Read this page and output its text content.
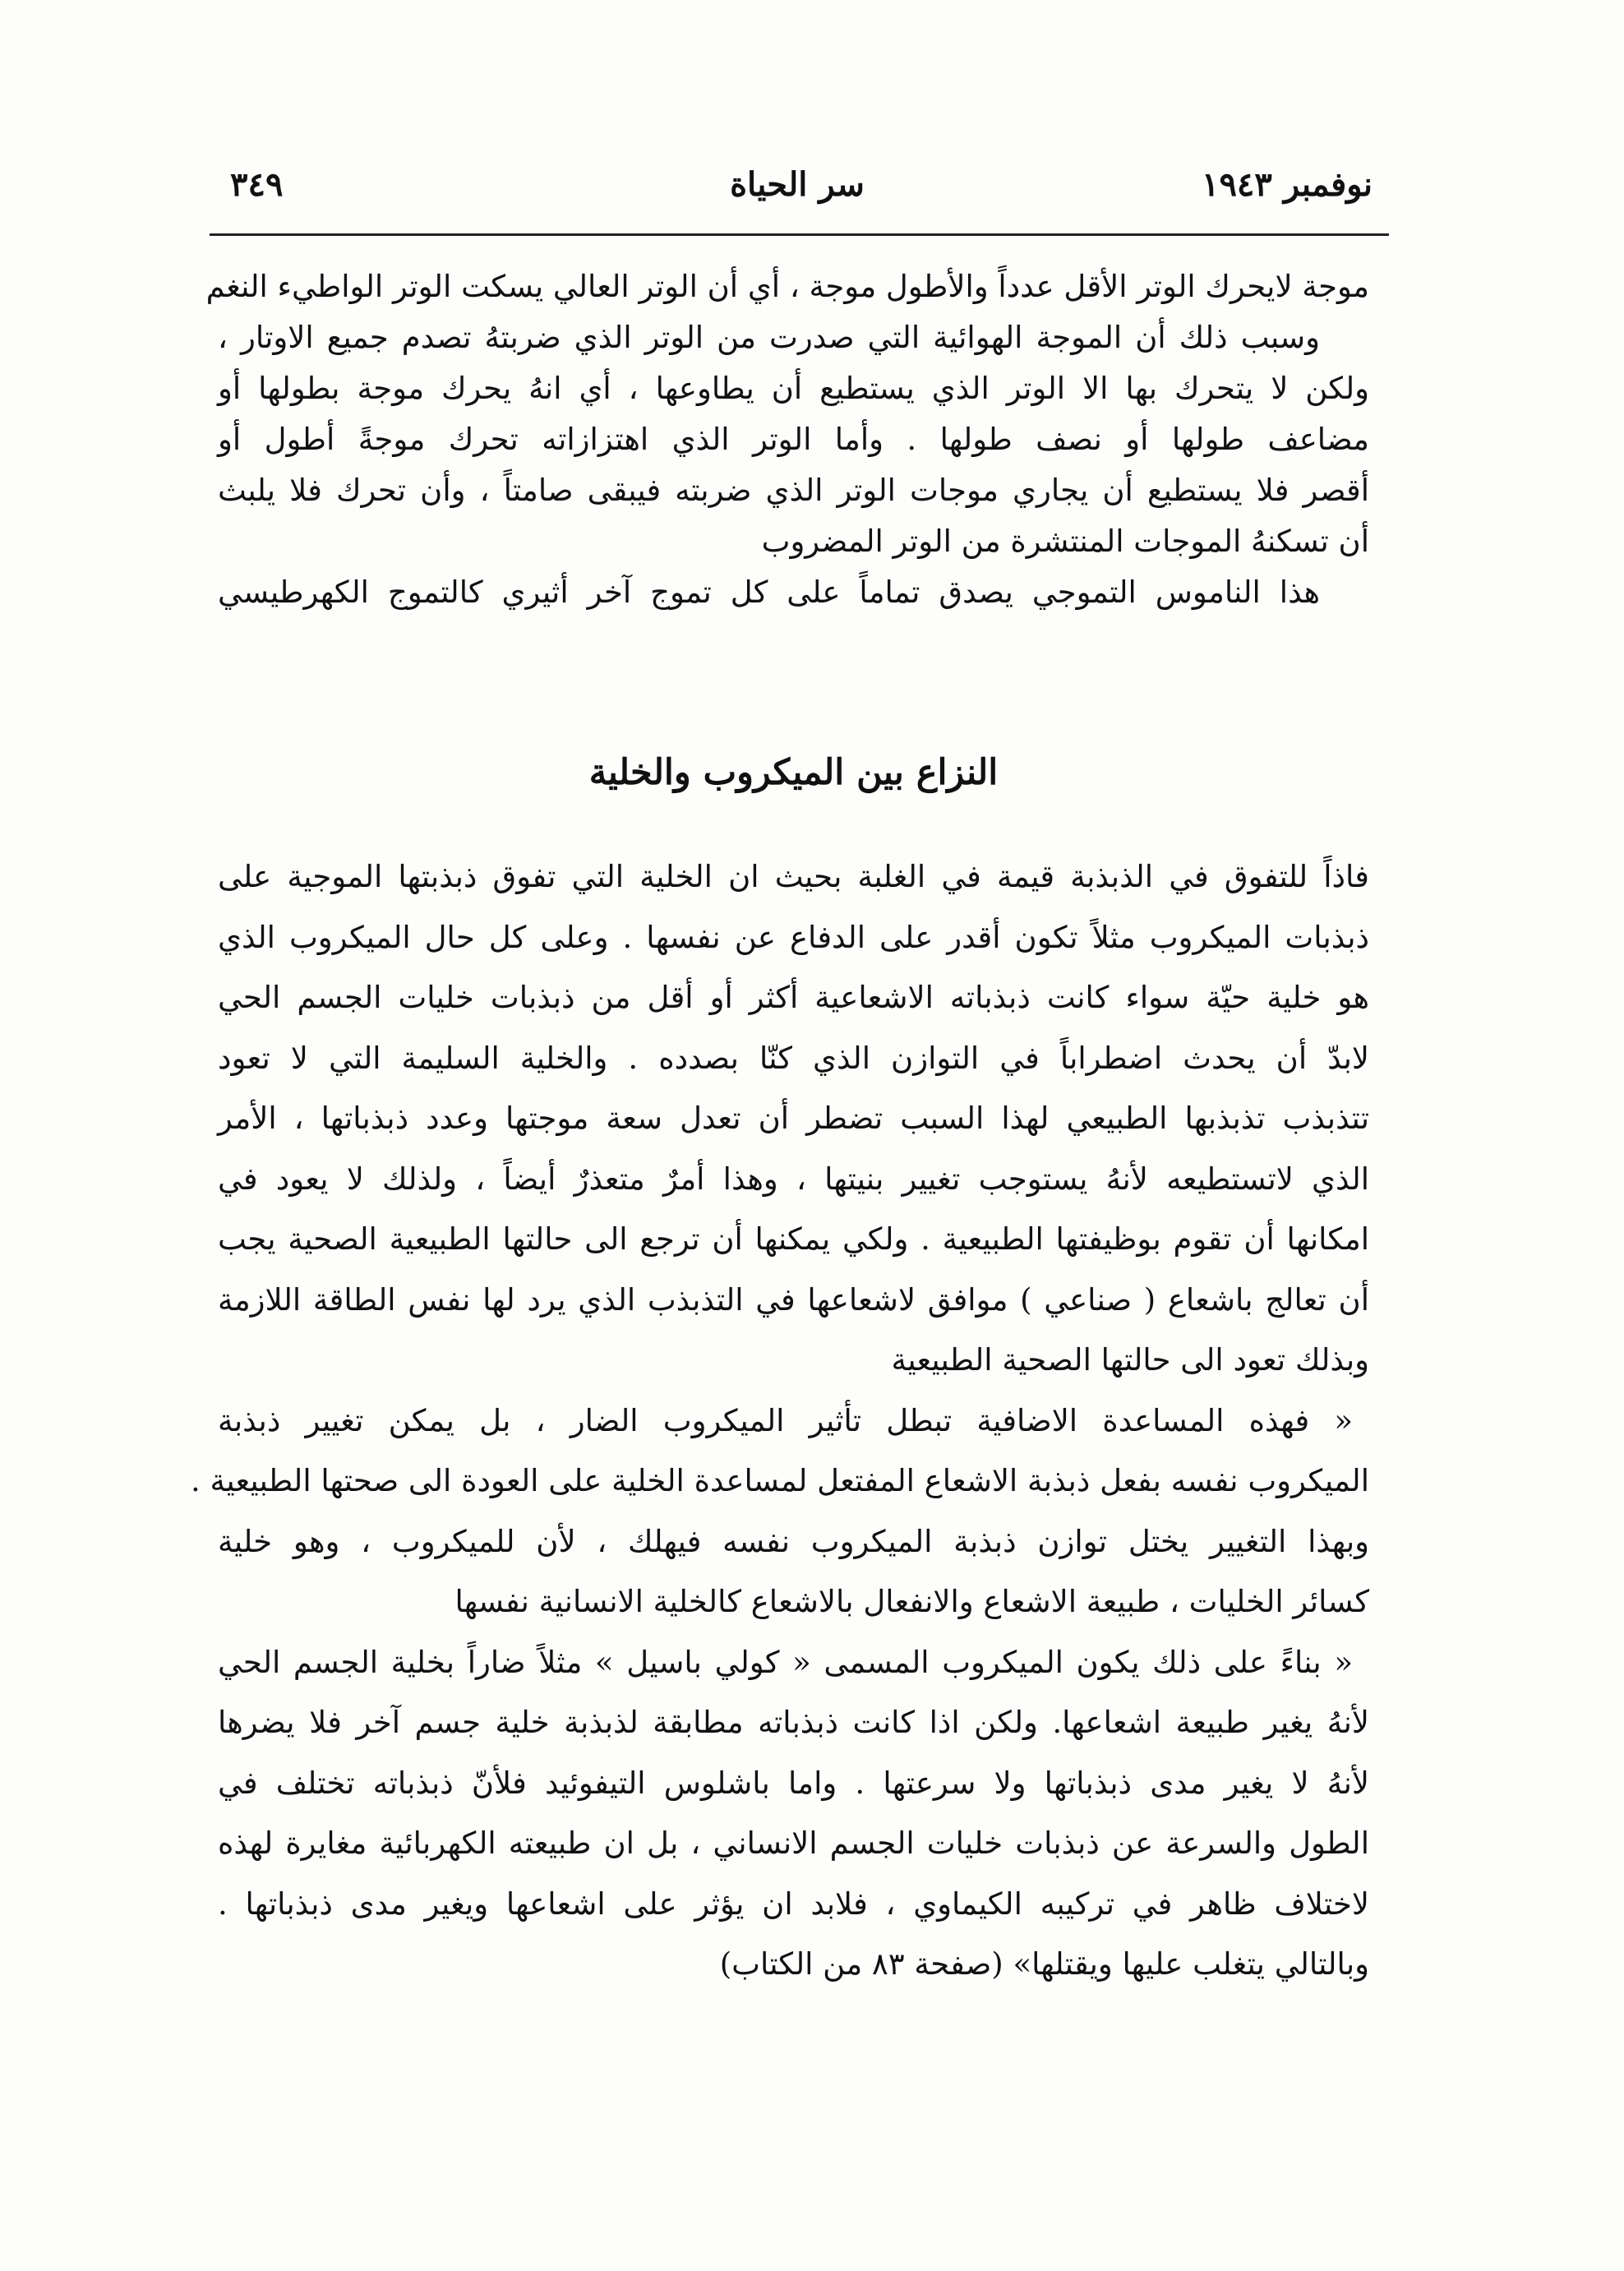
نوفمبر ١٩٤٣
سر الحياة
٣٤٩
موجة لايحرك الوتر الأقل عدداً والأطول موجة ، أي أن الوتر العالي يسكت الوتر الواطيء النغم
وسبب ذلك أن الموجة الهوائية التي صدرت من الوتر الذي ضربتهُ تصدم جميع الاوتار ،
ولكن لا يتحرك بها الا الوتر الذي يستطيع أن يطاوعها ، أي انهُ يحرك موجة بطولها أو
مضاعف طولها أو نصف طولها . وأما الوتر الذي اهتزازاته تحرك موجةً أطول أو
أقصر فلا يستطيع أن يجاري موجات الوتر الذي ضربته فيبقى صامتاً ، وأن تحرك فلا يلبث
أن تسكنهُ الموجات المنتشرة من الوتر المضروب
هذا الناموس التموجي يصدق تماماً على كل تموج آخر أثيري كالتموج الكهرطيسي
النزاع بين الميكروب والخلية
فاذاً للتفوق في الذبذبة قيمة في الغلبة بحيث ان الخلية التي تفوق ذبذبتها الموجية على
ذبذبات الميكروب مثلاً تكون أقدر على الدفاع عن نفسها . وعلى كل حال الميكروب الذي
هو خلية حيّة سواء كانت ذبذباته الاشعاعية أكثر أو أقل من ذبذبات خليات الجسم الحي
لابدّ أن يحدث اضطراباً في التوازن الذي كنّا بصدده . والخلية السليمة التي لا تعود
تتذبذب تذبذبها الطبيعي لهذا السبب تضطر أن تعدل سعة موجتها وعدد ذبذباتها ، الأمر
الذي لاتستطيعه لأنهُ يستوجب تغيير بنيتها ، وهذا أمرٌ متعذرٌ أيضاً ، ولذلك لا يعود في
امكانها أن تقوم بوظيفتها الطبيعية . ولكي يمكنها أن ترجع الى حالتها الطبيعية الصحية يجب
أن تعالج باشعاع ( صناعي ) موافق لاشعاعها في التذبذب الذي يرد لها نفس الطاقة اللازمة
وبذلك تعود الى حالتها الصحية الطبيعية
« فهذه المساعدة الاضافية تبطل تأثير الميكروب الضار ، بل يمكن تغيير ذبذبة
الميكروب نفسه بفعل ذبذبة الاشعاع المفتعل لمساعدة الخلية على العودة الى صحتها الطبيعية .
وبهذا التغيير يختل توازن ذبذبة الميكروب نفسه فيهلك ، لأن للميكروب ، وهو خلية
كسائر الخليات ، طبيعة الاشعاع والانفعال بالاشعاع كالخلية الانسانية نفسها
« بناءً على ذلك يكون الميكروب المسمى « كولي باسيل » مثلاً ضاراً بخلية الجسم الحي
لأنهُ يغير طبيعة اشعاعها. ولكن اذا كانت ذبذباته مطابقة لذبذبة خلية جسم آخر فلا يضرها
لأنهُ لا يغير مدى ذبذباتها ولا سرعتها . واما باشلوس التيفوئيد فلأنّ ذبذباته تختلف في
الطول والسرعة عن ذبذبات خليات الجسم الانساني ، بل ان طبيعته الكهربائية مغايرة لهذه
لاختلاف ظاهر في تركيبه الكيماوي ، فلابد ان يؤثر على اشعاعها ويغير مدى ذبذباتها .
وبالتالي يتغلب عليها ويقتلها» (صفحة ٨٣ من الكتاب)
